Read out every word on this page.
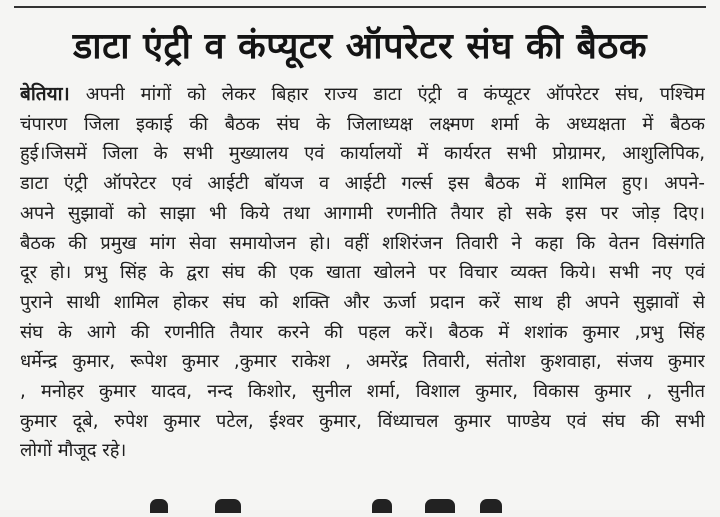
डाटा एंट्री व कंप्यूटर ऑपरेटर संघ की बैठक
बेतिया। अपनी मांगों को लेकर बिहार राज्य डाटा एंट्री व कंप्यूटर ऑपरेटर संघ, पश्चिम
चंपारण जिला इकाई की बैठक संघ के जिलाध्यक्ष लक्ष्मण शर्मा के अध्यक्षता में बैठक
हुई।जिसमें जिला के सभी मुख्यालय एवं कार्यालयों में कार्यरत सभी प्रोग्रामर, आशुलिपिक,
डाटा एंट्री ऑपरेटर एवं आईटी बॉयज व आईटी गर्ल्स इस बैठक में शामिल हुए। अपने-
अपने सुझावों को साझा भी किये तथा आगामी रणनीति तैयार हो सके इस पर जोड़ दिए।
बैठक की प्रमुख मांग सेवा समायोजन हो। वहीं शशिरंजन तिवारी ने कहा कि वेतन विसंगति
दूर हो। प्रभु सिंह के द्वरा संघ की एक खाता खोलने पर विचार व्यक्त किये। सभी नए एवं
पुराने साथी शामिल होकर संघ को शक्ति और ऊर्जा प्रदान करें साथ ही अपने सुझावों से
संघ के आगे की रणनीति तैयार करने की पहल करें। बैठक में शशांक कुमार ,प्रभु सिंह
धर्मेन्द्र कुमार, रूपेश कुमार ,कुमार राकेश , अमरेंद्र तिवारी, संतोश कुशवाहा, संजय कुमार
, मनोहर कुमार यादव, नन्द किशोर, सुनील शर्मा, विशाल कुमार, विकास कुमार , सुनीत
कुमार दूबे, रुपेश कुमार पटेल, ईश्वर कुमार, विंध्याचल कुमार पाण्डेय एवं संघ की सभी
लोगों मौजूद रहे।
